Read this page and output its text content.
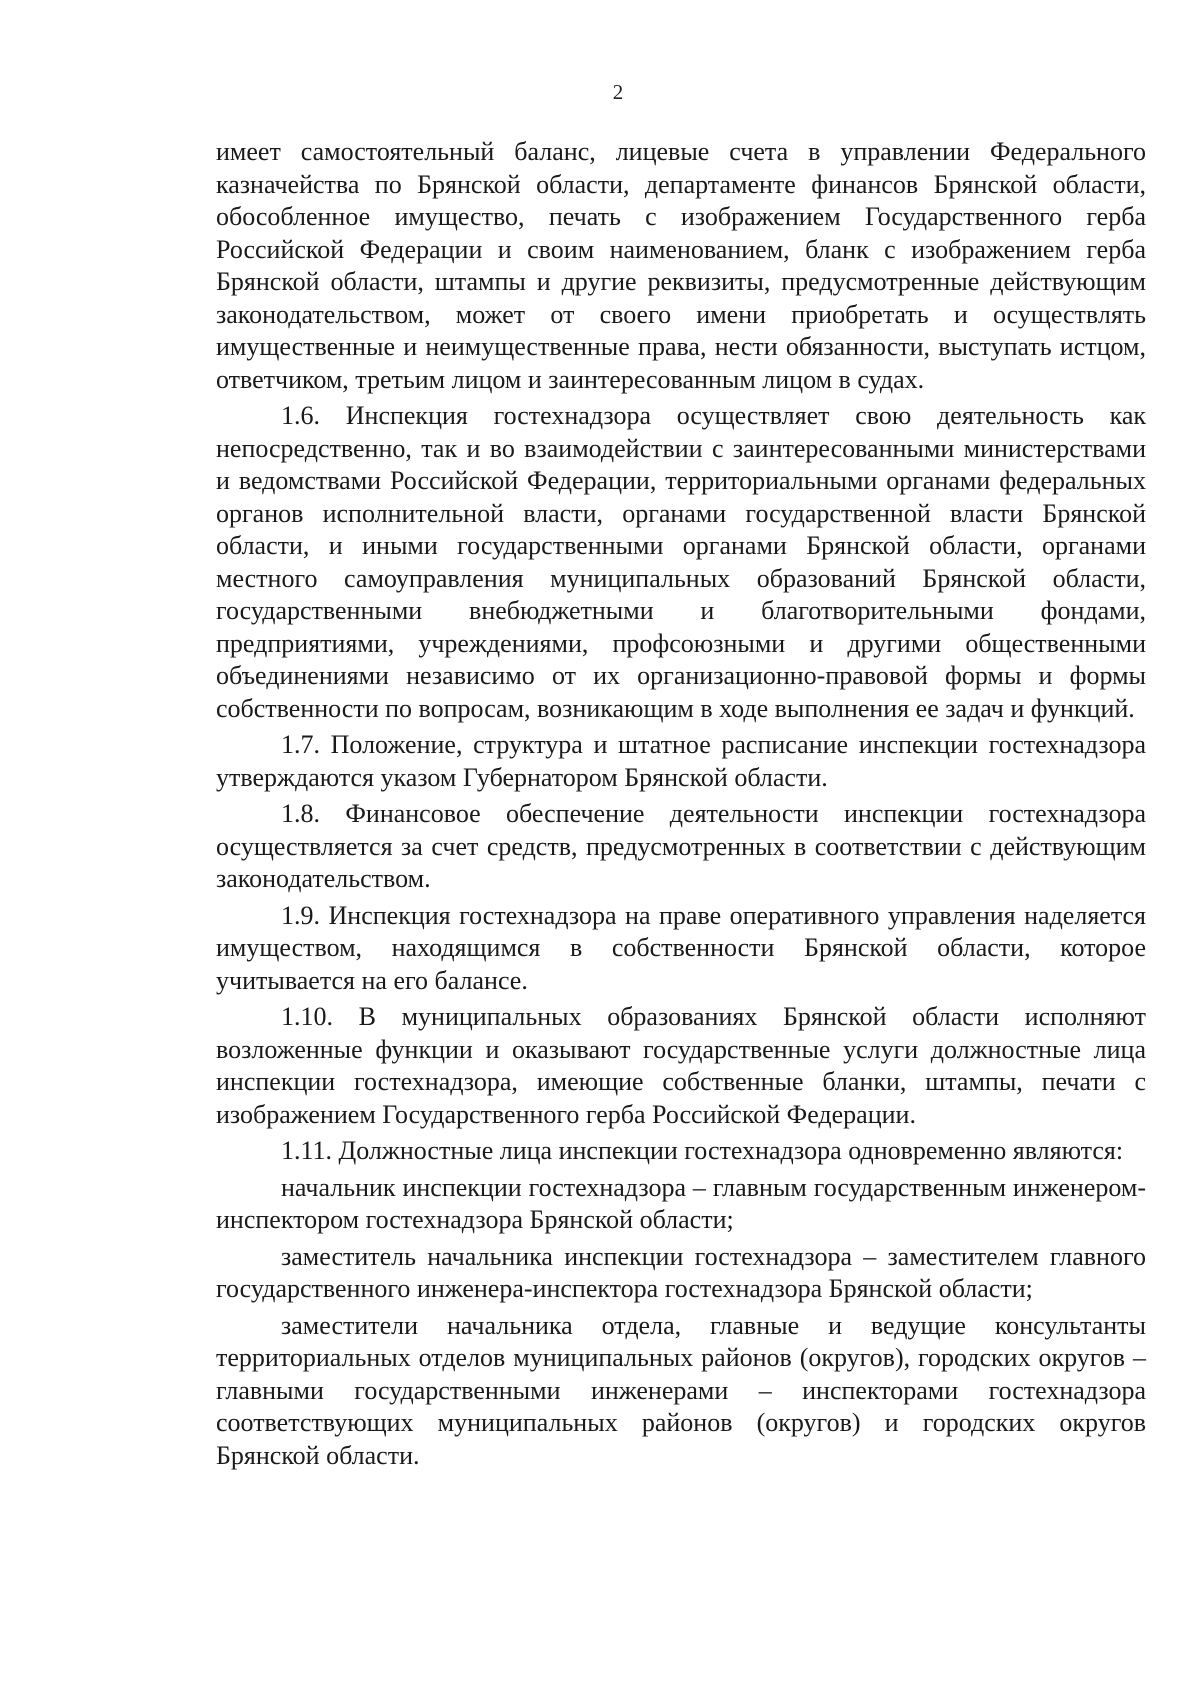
2

имеет самостоятельный баланс, лицевые счета в управлении Федерального казначейства по Брянской области, департаменте финансов Брянской области, обособленное имущество, печать с изображением Государственного герба Российской Федерации и своим наименованием, бланк с изображением герба Брянской области, штампы и другие реквизиты, предусмотренные действующим законодательством, может от своего имени приобретать и осуществлять имущественные и неимущественные права, нести обязанности, выступать истцом, ответчиком, третьим лицом и заинтересованным лицом в судах.

1.6. Инспекция гостехнадзора осуществляет свою деятельность как непосредственно, так и во взаимодействии с заинтересованными министерствами и ведомствами Российской Федерации, территориальными органами федеральных органов исполнительной власти, органами государственной власти Брянской области, и иными государственными органами Брянской области, органами местного самоуправления муниципальных образований Брянской области, государственными внебюджетными и благотворительными фондами, предприятиями, учреждениями, профсоюзными и другими общественными объединениями независимо от их организационно-правовой формы и формы собственности по вопросам, возникающим в ходе выполнения ее задач и функций.

1.7. Положение, структура и штатное расписание инспекции гостехнадзора утверждаются указом Губернатором Брянской области.

1.8. Финансовое обеспечение деятельности инспекции гостехнадзора осуществляется за счет средств, предусмотренных в соответствии с действующим законодательством.

1.9. Инспекция гостехнадзора на праве оперативного управления наделяется имуществом, находящимся в собственности Брянской области, которое учитывается на его балансе.

1.10. В муниципальных образованиях Брянской области исполняют возложенные функции и оказывают государственные услуги должностные лица инспекции гостехнадзора, имеющие собственные бланки, штампы, печати с изображением Государственного герба Российской Федерации.

1.11. Должностные лица инспекции гостехнадзора одновременно являются:

начальник инспекции гостехнадзора – главным государственным инженером-инспектором гостехнадзора Брянской области;

заместитель начальника инспекции гостехнадзора – заместителем главного государственного инженера-инспектора гостехнадзора Брянской области;

заместители начальника отдела, главные и ведущие консультанты территориальных отделов муниципальных районов (округов), городских округов – главными государственными инженерами – инспекторами гостехнадзора соответствующих муниципальных районов (округов) и городских округов Брянской области.
